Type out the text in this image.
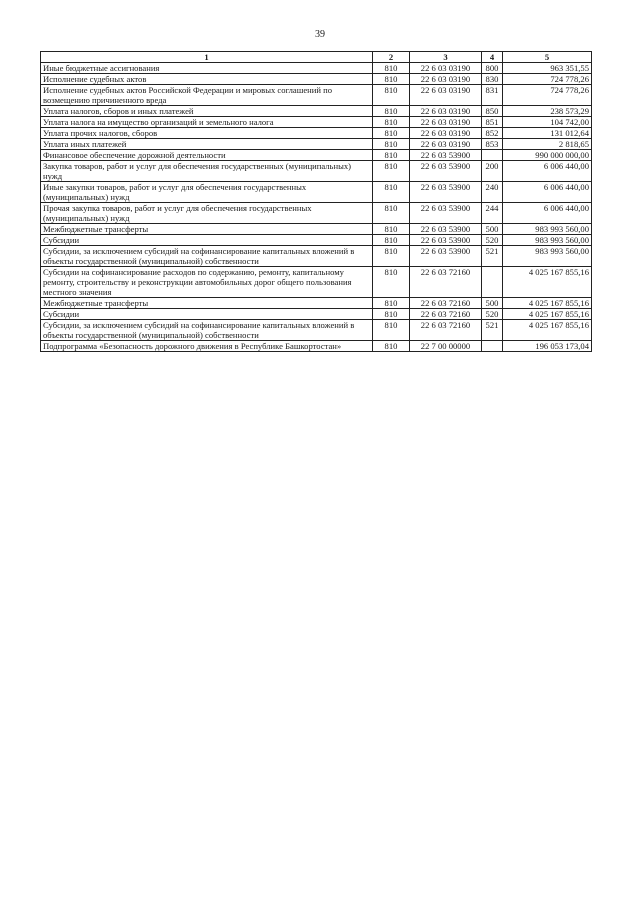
39
1	2	3	4	5
Иные бюджетные ассигнования	810	22 6 03 03190	800	963 351,55
Исполнение судебных актов	810	22 6 03 03190	830	724 778,26
Исполнение судебных актов Российской Федерации и мировых соглашений по возмещению причиненного вреда	810	22 6 03 03190	831	724 778,26
Уплата налогов, сборов и иных платежей	810	22 6 03 03190	850	238 573,29
Уплата налога на имущество организаций и земельного налога	810	22 6 03 03190	851	104 742,00
Уплата прочих налогов, сборов	810	22 6 03 03190	852	131 012,64
Уплата иных платежей	810	22 6 03 03190	853	2 818,65
Финансовое обеспечение дорожной деятельности	810	22 6 03 53900		990 000 000,00
Закупка товаров, работ и услуг для обеспечения государственных (муниципальных) нужд	810	22 6 03 53900	200	6 006 440,00
Иные закупки товаров, работ и услуг для обеспечения государственных (муниципальных) нужд	810	22 6 03 53900	240	6 006 440,00
Прочая закупка товаров, работ и услуг для обеспечения государственных (муниципальных) нужд	810	22 6 03 53900	244	6 006 440,00
Межбюджетные трансферты	810	22 6 03 53900	500	983 993 560,00
Субсидии	810	22 6 03 53900	520	983 993 560,00
Субсидии, за исключением субсидий на софинансирование капитальных вложений в объекты государственной (муниципальной) собственности	810	22 6 03 53900	521	983 993 560,00
Субсидии на софинансирование расходов по содержанию, ремонту, капитальному ремонту, строительству и реконструкции автомобильных дорог общего пользования местного значения	810	22 6 03 72160		4 025 167 855,16
Межбюджетные трансферты	810	22 6 03 72160	500	4 025 167 855,16
Субсидии	810	22 6 03 72160	520	4 025 167 855,16
Субсидии, за исключением субсидий на софинансирование капитальных вложений в объекты государственной (муниципальной) собственности	810	22 6 03 72160	521	4 025 167 855,16
Подпрограмма «Безопасность дорожного движения в Республике Башкортостан»	810	22 7 00 00000		196 053 173,04
